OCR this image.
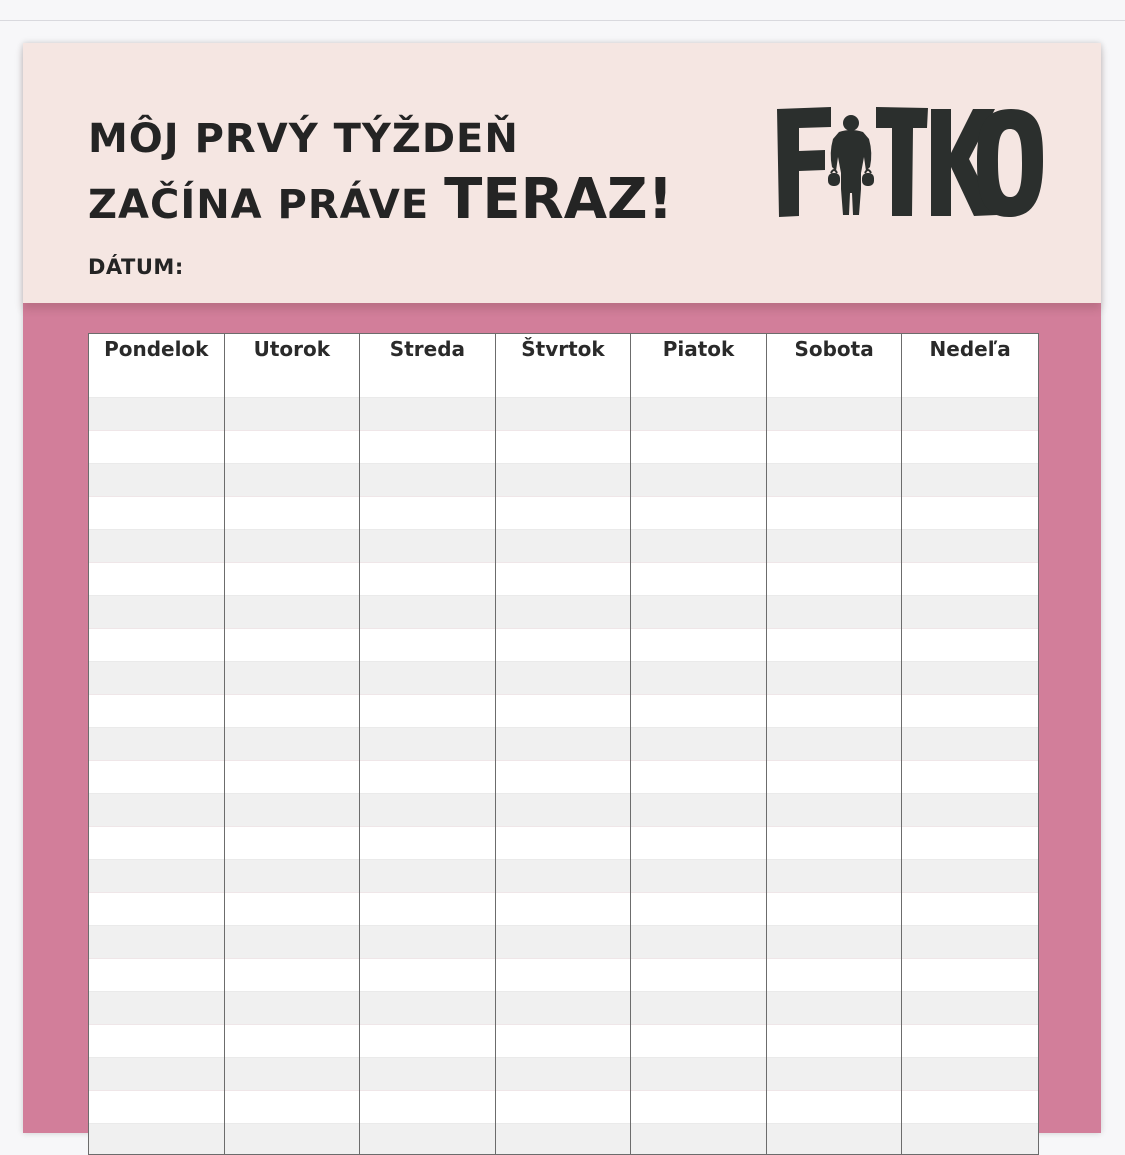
MÔJ PRVÝ TÝŽDEŇ
ZAČÍNA PRÁVE TERAZ!
DÁTUM:
Pondelok	Utorok	Streda	Štvrtok	Piatok	Sobota	Nedeľa
